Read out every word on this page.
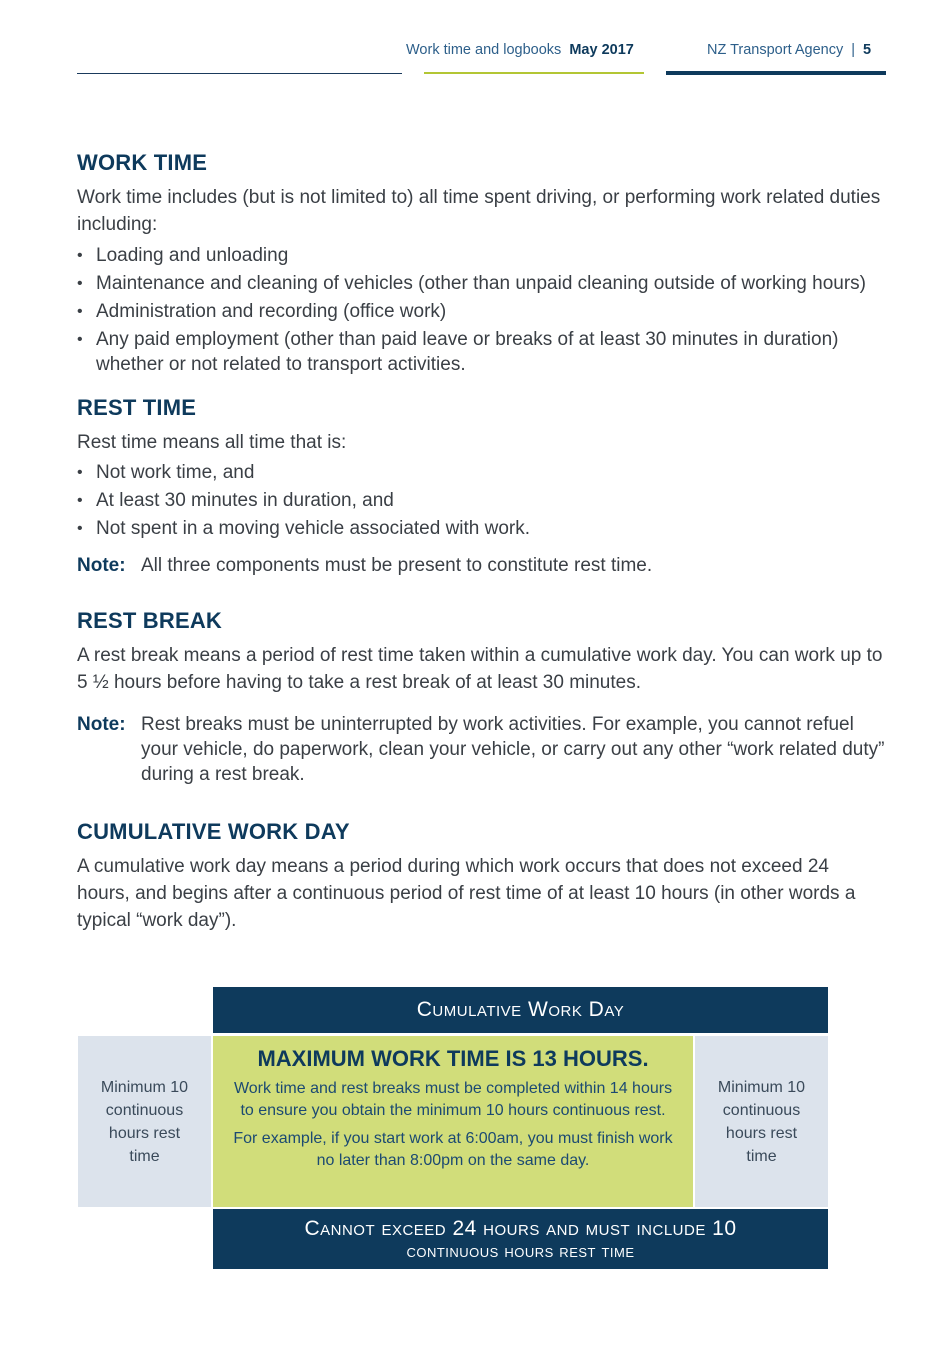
Work time and logbooks May 2017	NZ Transport Agency | 5
WORK TIME

Work time includes (but is not limited to) all time spent driving, or performing work related duties including:

• Loading and unloading
• Maintenance and cleaning of vehicles (other than unpaid cleaning outside of working hours)
• Administration and recording (office work)
• Any paid employment (other than paid leave or breaks of at least 30 minutes in duration) whether or not related to transport activities.
REST TIME

Rest time means all time that is:

• Not work time, and
• At least 30 minutes in duration, and
• Not spent in a moving vehicle associated with work.
Note: All three components must be present to constitute rest time.
REST BREAK

A rest break means a period of rest time taken within a cumulative work day. You can work up to 5 ½ hours before having to take a rest break of at least 30 minutes.

Note: Rest breaks must be uninterrupted by work activities. For example, you cannot refuel your vehicle, do paperwork, clean your vehicle, or carry out any other “work related duty” during a rest break.
CUMULATIVE WORK DAY

A cumulative work day means a period during which work occurs that does not exceed 24 hours, and begins after a continuous period of rest time of at least 10 hours (in other words a typical “work day”).

Cumulative Work Day
Minimum 10 continuous hours rest time
MAXIMUM WORK TIME IS 13 HOURS.
Work time and rest breaks must be completed within 14 hours to ensure you obtain the minimum 10 hours continuous rest.
For example, if you start work at 6:00am, you must finish work no later than 8:00pm on the same day.
Minimum 10 continuous hours rest time
Cannot exceed 24 hours and must include 10
continuous hours rest time
